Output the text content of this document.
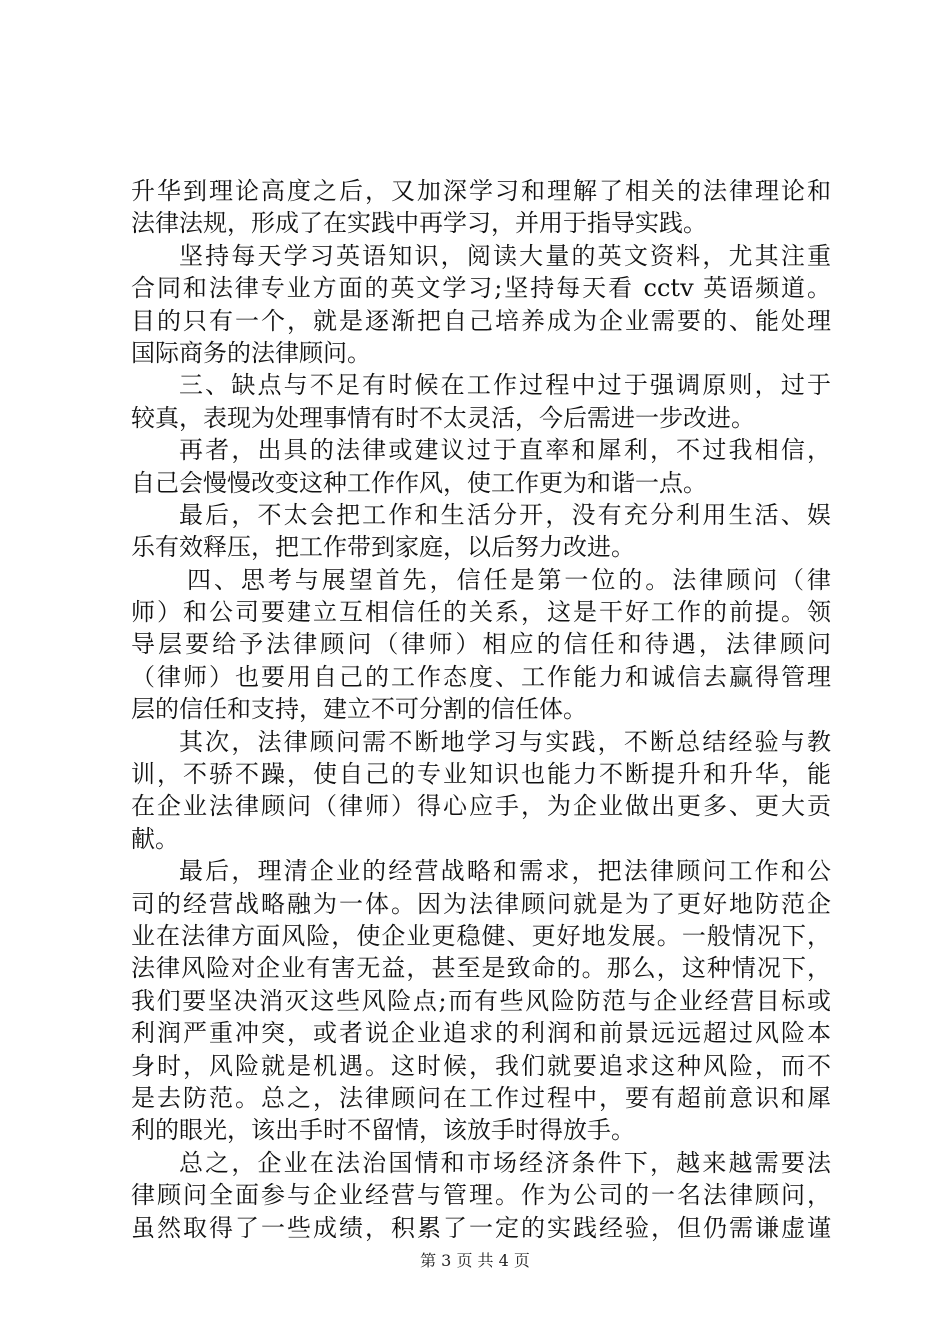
升华到理论高度之后，又加深学习和理解了相关的法律理论和
法律法规，形成了在实践中再学习，并用于指导实践。
坚持每天学习英语知识，阅读大量的英文资料，尤其注重
合同和法律专业方面的英文学习;坚持每天看 cctv 英语频道。
目的只有一个，就是逐渐把自己培养成为企业需要的、能处理
国际商务的法律顾问。
三、缺点与不足有时候在工作过程中过于强调原则，过于
较真，表现为处理事情有时不太灵活，今后需进一步改进。
再者，出具的法律或建议过于直率和犀利，不过我相信，
自己会慢慢改变这种工作作风，使工作更为和谐一点。
最后，不太会把工作和生活分开，没有充分利用生活、娱
乐有效释压，把工作带到家庭，以后努力改进。
四、思考与展望首先，信任是第一位的。法律顾问（律
师）和公司要建立互相信任的关系，这是干好工作的前提。领
导层要给予法律顾问（律师）相应的信任和待遇，法律顾问
（律师）也要用自己的工作态度、工作能力和诚信去赢得管理
层的信任和支持，建立不可分割的信任体。
其次，法律顾问需不断地学习与实践，不断总结经验与教
训，不骄不躁，使自己的专业知识也能力不断提升和升华，能
在企业法律顾问（律师）得心应手，为企业做出更多、更大贡
献。
最后，理清企业的经营战略和需求，把法律顾问工作和公
司的经营战略融为一体。因为法律顾问就是为了更好地防范企
业在法律方面风险，使企业更稳健、更好地发展。一般情况下，
法律风险对企业有害无益，甚至是致命的。那么，这种情况下，
我们要坚决消灭这些风险点;而有些风险防范与企业经营目标或
利润严重冲突，或者说企业追求的利润和前景远远超过风险本
身时，风险就是机遇。这时候，我们就要追求这种风险，而不
是去防范。总之，法律顾问在工作过程中，要有超前意识和犀
利的眼光，该出手时不留情，该放手时得放手。
总之，企业在法治国情和市场经济条件下，越来越需要法
律顾问全面参与企业经营与管理。作为公司的一名法律顾问，
虽然取得了一些成绩，积累了一定的实践经验，但仍需谦虚谨
第 3 页 共 4 页
